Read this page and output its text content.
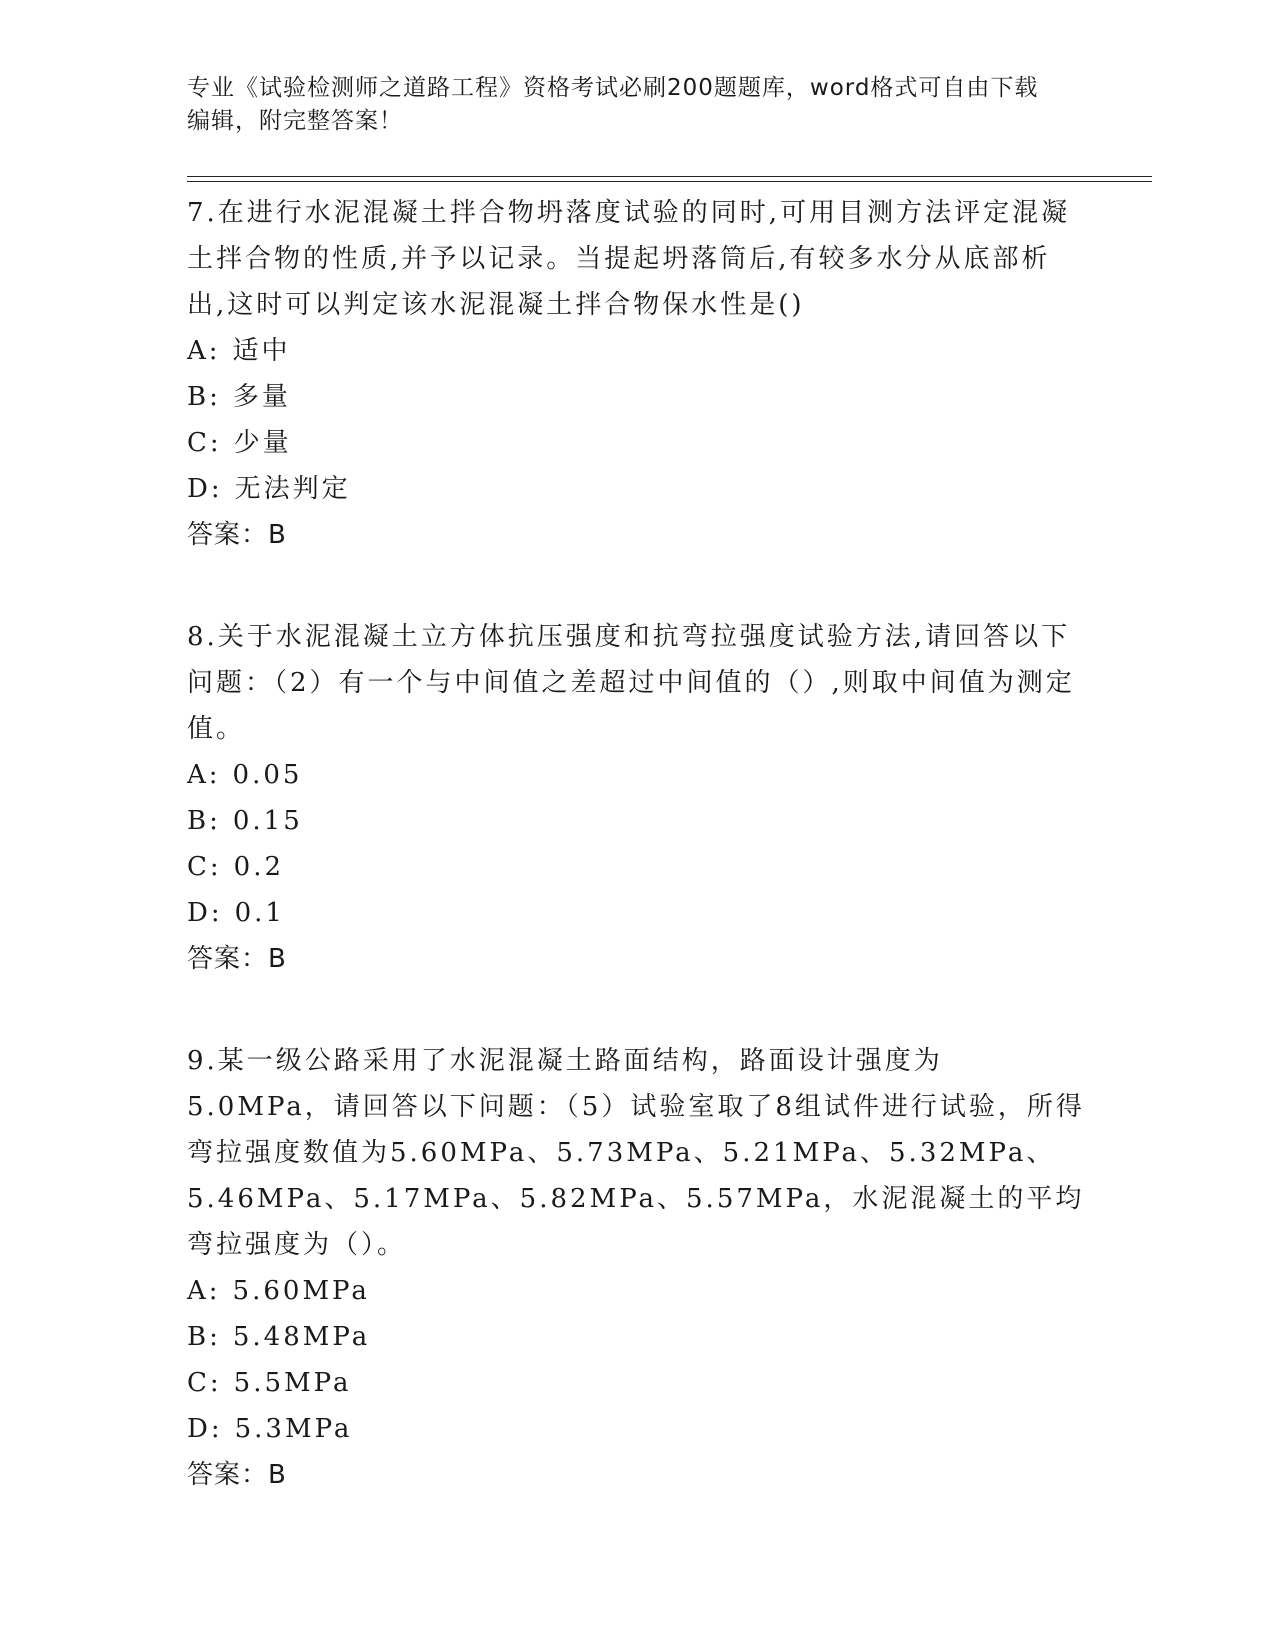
专业《试验检测师之道路工程》资格考试必刷200题题库，word格式可自由下载
编辑，附完整答案！

7.在进行水泥混凝土拌合物坍落度试验的同时,可用目测方法评定混凝土拌合物的性质,并予以记录。当提起坍落筒后,有较多水分从底部析出,这时可以判定该水泥混凝土拌合物保水性是()

A: 适中

B: 多量

C: 少量

D: 无法判定

答案：B

8.关于水泥混凝土立方体抗压强度和抗弯拉强度试验方法,请回答以下问题：（2）有一个与中间值之差超过中间值的（）,则取中间值为测定值。

A: 0.05

B: 0.15

C: 0.2

D: 0.1

答案：B

9.某一级公路采用了水泥混凝土路面结构，路面设计强度为5.0MPa，请回答以下问题：（5）试验室取了8组试件进行试验，所得弯拉强度数值为5.60MPa、5.73MPa、5.21MPa、5.32MPa、5.46MPa、5.17MPa、5.82MPa、5.57MPa，水泥混凝土的平均弯拉强度为（）。

A: 5.60MPa

B: 5.48MPa

C: 5.5MPa

D: 5.3MPa

答案：B
